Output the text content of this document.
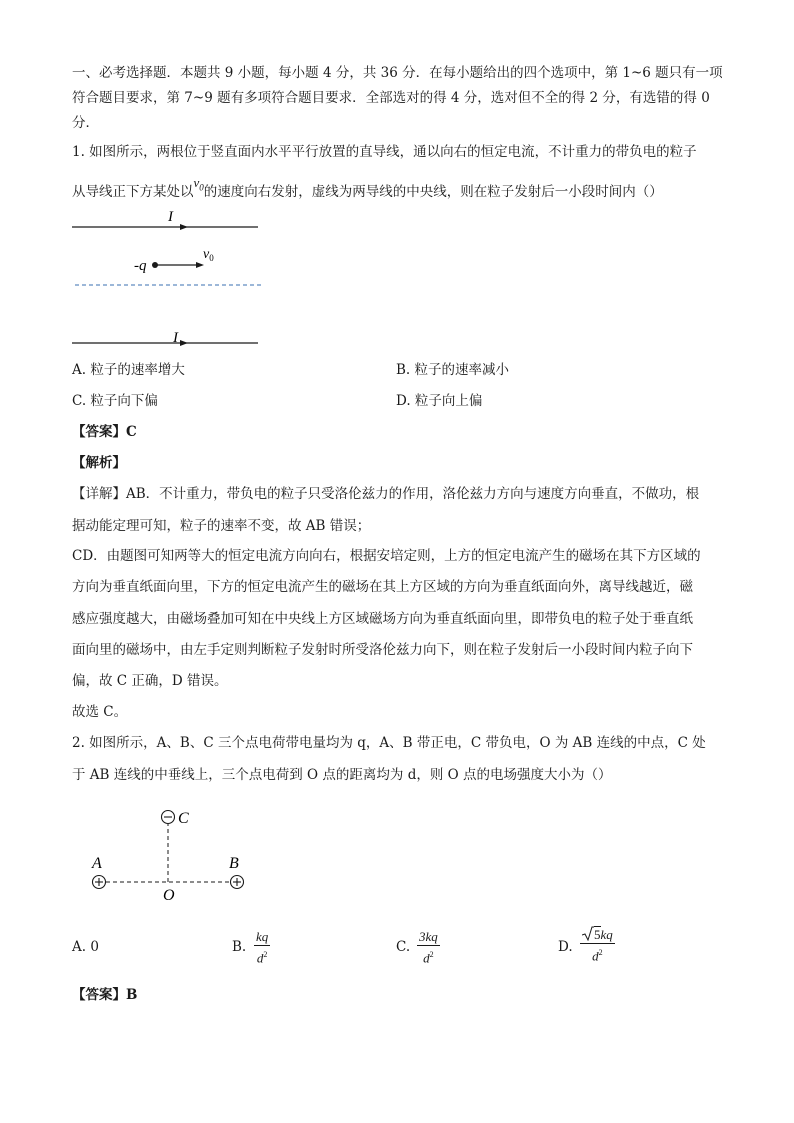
一、必考选择题．本题共 9 小题，每小题 4 分，共 36 分．在每小题给出的四个选项中，第 1~6 题只有一项
符合题目要求，第 7~9 题有多项符合题目要求．全部选对的得 4 分，选对但不全的得 2 分，有选错的得 0
分．
1. 如图所示，两根位于竖直面内水平平行放置的直导线，通以向右的恒定电流，不计重力的带负电的粒子
从导线正下方某处以$v_0$的速度向右发射，虚线为两导线的中央线，则在粒子发射后一小段时间内（）
I
-q
$v_0$
I
A. 粒子的速率增大	B. 粒子的速率减小
C. 粒子向下偏	D. 粒子向上偏
【答案】C
【解析】
【详解】AB．不计重力，带负电的粒子只受洛伦兹力的作用，洛伦兹力方向与速度方向垂直，不做功，根
据动能定理可知，粒子的速率不变，故 AB 错误；
CD．由题图可知两等大的恒定电流方向向右，根据安培定则，上方的恒定电流产生的磁场在其下方区域的
方向为垂直纸面向里，下方的恒定电流产生的磁场在其上方区域的方向为垂直纸面向外，离导线越近，磁
感应强度越大，由磁场叠加可知在中央线上方区域磁场方向为垂直纸面向里，即带负电的粒子处于垂直纸
面向里的磁场中，由左手定则判断粒子发射时所受洛伦兹力向下，则在粒子发射后一小段时间内粒子向下
偏，故 C 正确，D 错误。
故选 C。
2. 如图所示，A、B、C 三个点电荷带电量均为 q，A、B 带正电，C 带负电，O 为 AB 连线的中点，C 处
于 AB 连线的中垂线上，三个点电荷到 O 点的距离均为 d，则 O 点的电场强度大小为（）
A	B
C
O
A. 0	B.
kq
$d^2$	C.
3kq
$d^2$	D.
5kq
$d^2$
【答案】B
